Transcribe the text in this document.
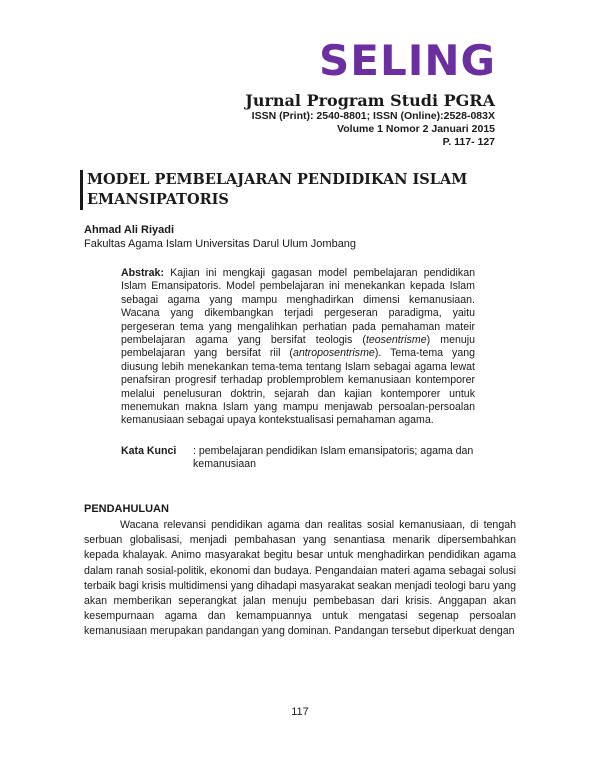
SELING
Jurnal Program Studi PGRA
ISSN (Print): 2540-8801; ISSN (Online):2528-083X
Volume 1 Nomor 2 Januari 2015
P. 117- 127
MODEL PEMBELAJARAN PENDIDIKAN ISLAM
EMANSIPATORIS
Ahmad Ali Riyadi
Fakultas Agama Islam Universitas Darul Ulum Jombang
Abstrak: Kajian ini mengkaji gagasan model pembelajaran pendidikan Islam Emansipatoris. Model pembelajaran ini menekankan kepada Islam sebagai agama yang mampu menghadirkan dimensi kemanusiaan. Wacana yang dikembangkan terjadi pergeseran paradigma, yaitu pergeseran tema yang mengalihkan perhatian pada pemahaman mateir pembelajaran agama yang bersifat teologis (teosentrisme) menuju pembelajaran yang bersifat riil (antroposentrisme). Tema-tema yang diusung lebih menekankan tema-tema tentang Islam sebagai agama lewat penafsiran progresif terhadap problemproblem kemanusiaan kontemporer melalui penelusuran doktrin, sejarah dan kajian kontemporer untuk menemukan makna Islam yang mampu menjawab persoalan-persoalan kemanusiaan sebagai upaya kontekstualisasi pemahaman agama.
Kata Kunci	: pembelajaran pendidikan Islam emansipatoris; agama dan kemanusiaan
PENDAHULUAN
Wacana relevansi pendidikan agama dan realitas sosial kemanusiaan, di tengah serbuan globalisasi, menjadi pembahasan yang senantiasa menarik dipersembahkan kepada khalayak. Animo masyarakat begitu besar untuk menghadirkan pendidikan agama dalam ranah sosial-politik, ekonomi dan budaya. Pengandaian materi agama sebagai solusi terbaik bagi krisis multidimensi yang dihadapi masyarakat seakan menjadi teologi baru yang akan memberikan seperangkat jalan menuju pembebasan dari krisis. Anggapan akan kesempurnaan agama dan kemampuannya untuk mengatasi segenap persoalan kemanusiaan merupakan pandangan yang dominan. Pandangan tersebut diperkuat dengan
117
